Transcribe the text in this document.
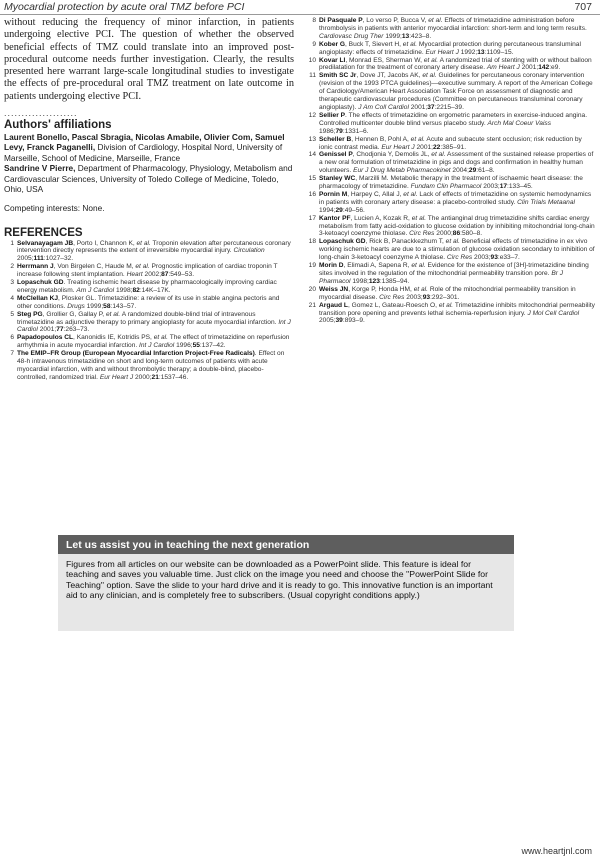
Myocardial protection by acute oral TMZ before PCI	707

without reducing the frequency of minor infarction, in patients undergoing elective PCI. The question of whether the observed beneficial effects of TMZ could translate into an improved post-procedural outcome needs further investigation. Clearly, the results presented here warrant large-scale longitudinal studies to investigate the effects of pre-procedural oral TMZ treatment on late outcome in patients undergoing elective PCI.

.....................
Authors' affiliations

Laurent Bonello, Pascal Sbragia, Nicolas Amabile, Olivier Com, Samuel Levy, Franck Paganelli, Division of Cardiology, Hospital Nord, University of Marseille, School of Medicine, Marseille, France

Sandrine V Pierre, Department of Pharmacology, Physiology, Metabolism and Cardiovascular Sciences, University of Toledo College of Medicine, Toledo, Ohio, USA

Competing interests: None.

REFERENCES
1 Selvanayagam JB, Porto I, Channon K, et al. Troponin elevation after percutaneous coronary intervention directly represents the extent of irreversible myocardial injury. Circulation 2005;111:1027–32.
2 Herrmann J, Von Birgelen C, Haude M, et al. Prognostic implication of cardiac troponin T increase following stent implantation. Heart 2002;87:549–53.
3 Lopaschuk GD. Treating ischemic heart disease by pharmacologically improving cardiac energy metabolism. Am J Cardiol 1998;82:14K–17K.
4 McClellan KJ, Plosker GL. Trimetazidine: a review of its use in stable angina pectoris and other conditions. Drugs 1999;58:143–57.
5 Steg PG, Grollier G, Gallay P, et al. A randomized double-blind trial of intravenous trimetazidine as adjunctive therapy to primary angioplasty for acute myocardial infarction. Int J Cardiol 2001;77:263–73.
6 Papadopoulos CL, Kanonidis IE, Kotridis PS, et al. The effect of trimetazidine on reperfusion arrhythmia in acute myocardial infarction. Int J Cardiol 1996;55:137–42.
7 The EMIP–FR Group (European Myocardial Infarction Project-Free Radicals). Effect on 48-h intravenous trimetazidine on short and long-term outcomes of patients with acute myocardial infarction, with and without thrombolytic therapy; a double-blind, placebo-controlled, randomized trial. Eur Heart J 2000;21:1537–46.
8 Di Pasquale P, Lo verso P, Bucca V, et al. Effects of trimetazidine administration before thrombolysis in patients with anterior myocardial infarction: short-term and long term results. Cardiovasc Drug Ther 1999;13:423–8.
9 Kober G, Buck T, Sievert H, et al. Myocardial protection during percutaneous transluminal angioplasty: effects of trimetazidine. Eur Heart J 1992;13:1109–15.
10 Kovar LI, Monrad ES, Sherman W, et al. A randomized trial of stenting with or without balloon predilatation for the treatment of coronary artery disease. Am Heart J 2001;142:e9.
11 Smith SC Jr, Dove JT, Jacobs AK, et al. Guidelines for percutaneous coronary intervention (revision of the 1993 PTCA guidelines)—executive summary. A report of the American College of Cardiology/American Heart Association Task Force on assessment of diagnostic and therapeutic cardiovascular procedures (Committee on percutaneous transluminal coronary angioplasty). J Am Coll Cardiol 2001;37:2215–39.
12 Sellier P. The effects of trimetazidine on ergometric parameters in exercise-induced angina. Controlled multicenter double blind versus placebo study. Arch Mal Coeur Vaiss 1986;79:1331–6.
13 Scheller B, Hennen B, Pohl A, et al. Acute and subacute stent occlusion; risk reduction by ionic contrast media. Eur Heart J 2001;22:385–91.
14 Genissel P, Chodjonia Y, Demolis JL, et al. Assessment of the sustained release properties of a new oral formulation of trimetazidine in pigs and dogs and confirmation in healthy human volunteers. Eur J Drug Metab Pharmacokinet 2004;29:61–8.
15 Stanley WC, Marzilli M. Metabolic therapy in the treatment of ischaemic heart disease: the pharmacology of trimetazidine. Fundam Clin Pharmacol 2003;17:133–45.
16 Pornin M, Harpey C, Allal J, et al. Lack of effects of trimetazidine on systemic hemodynamics in patients with coronary artery disease: a placebo-controlled study. Clin Trials Metaanal 1994;29:49–56.
17 Kantor PF, Lucien A, Kozak R, et al. The antianginal drug trimetazidine shifts cardiac energy metabolism from fatty acid-oxidation to glucose oxidation by inhibiting mitochondrial long-chain 3-ketoacyl coenzyme thiolase. Circ Res 2000;86:580–8.
18 Lopaschuk GD, Rick B, Panackkezhum T, et al. Beneficial effects of trimetazidine in ex vivo working ischemic hearts are due to a stimulation of glucose oxidation secondary to inhibition of long-chain 3-ketoacyl coenzyme A thiolase. Circ Res 2003;93:e33–7.
19 Morin D, Elimadi A, Sapena R, et al. Evidence for the existence of [3H]-trimetazidine binding sites involved in the regulation of the mitochondrial permeability transition pore. Br J Pharmacol 1998;123:1385–94.
20 Weiss JN, Korge P, Honda HM, et al. Role of the mitochondrial permeability transition in myocardial disease. Circ Res 2003;93:292–301.
21 Argaud L, Gomez L, Gateau-Roesch O, et al. Trimetazidine inhibits mitochondrial permeability transition pore opening and prevents lethal ischemia-reperfusion injury. J Mol Cell Cardiol 2005;39:893–9.
Let us assist you in teaching the next generation

Figures from all articles on our website can be downloaded as a PowerPoint slide. This feature is ideal for teaching and saves you valuable time. Just click on the image you need and choose the ''PowerPoint Slide for Teaching'' option. Save the slide to your hard drive and it is ready to go. This innovative function is an important aid to any clinician, and is completely free to subscribers. (Usual copyright conditions apply.)

www.heartjnl.com
